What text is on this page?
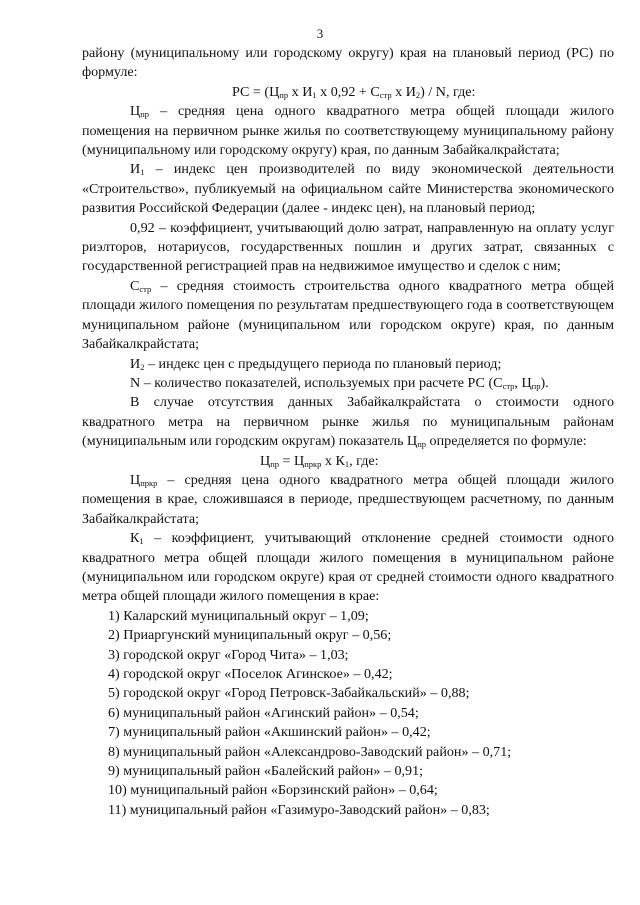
3

районy (муниципальному или городскому округу) края на плановый период (РС) по формуле:

РС = ($Ц_{пр}$ х $И_1$ х $0,92 + С_{стр}$ х $И_2$) / N, где:

$Ц_{пр}$ – средняя цена одного квадратного метра общей площади жилого помещения на первичном рынке жилья по соответствующему муниципальному району (муниципальному или городскому округу) края, по данным Забайкалкрайстата;

$И_1$ – индекс цен производителей по виду экономической деятельности «Строительство», публикуемый на официальном сайте Министерства экономического развития Российской Федерации (далее - индекс цен), на плановый период;

0,92 – коэффициент, учитывающий долю затрат, направленную на оплату услуг риэлторов, нотариусов, государственных пошлин и других затрат, связанных с государственной регистрацией прав на недвижимое имущество и сделок с ним;

$С_{стр}$ – средняя стоимость строительства одного квадратного метра общей площади жилого помещения по результатам предшествующего года в соответствующем муниципальном районе (муниципальном или городском округе) края, по данным Забайкалкрайстата;

$И_2$ – индекс цен с предыдущего периода по плановый период;

N – количество показателей, используемых при расчете РС ($С_{стр}$, $Ц_{пр}$).

В случае отсутствия данных Забайкалкрайстата о стоимости одного квадратного метра на первичном рынке жилья по муниципальным районам (муниципальным или городским округам) показатель $Ц_{пр}$ определяется по формуле:

$Ц_{пр} = Ц_{пркр}$ х $К_1$, где:

$Ц_{пркр}$ – средняя цена одного квадратного метра общей площади жилого помещения в крае, сложившаяся в периоде, предшествующем расчетному, по данным Забайкалкрайстата;

$К_1$ – коэффициент, учитывающий отклонение средней стоимости одного квадратного метра общей площади жилого помещения в муниципальном районе (муниципальном или городском округе) края от средней стоимости одного квадратного метра общей площади жилого помещения в крае:

1) Каларский муниципальный округ – 1,09;

2) Приаргунский муниципальный округ – 0,56;

3) городской округ «Город Чита» – 1,03;

4) городской округ «Поселок Агинское» – 0,42;

5) городской округ «Город Петровск-Забайкальский» – 0,88;

6) муниципальный район «Агинский район» – 0,54;

7) муниципальный район «Акшинский район» – 0,42;

8) муниципальный район «Александрово-Заводский район» – 0,71;

9) муниципальный район «Балейский район» – 0,91;

10) муниципальный район «Борзинский район» – 0,64;

11) муниципальный район «Газимуро-Заводский район» – 0,83;
